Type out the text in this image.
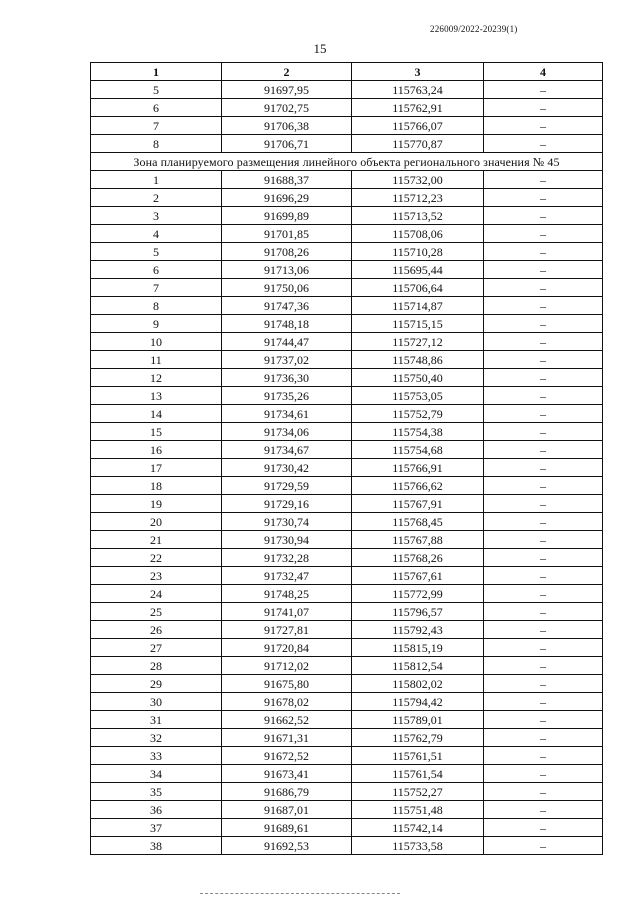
226009/2022-20239(1)
15
1	2	3	4
5	91697,95	115763,24	–
6	91702,75	115762,91	–
7	91706,38	115766,07	–
8	91706,71	115770,87	–
Зона планируемого размещения линейного объекта регионального значения № 45			
1	91688,37	115732,00	–
2	91696,29	115712,23	–
3	91699,89	115713,52	–
4	91701,85	115708,06	–
5	91708,26	115710,28	–
6	91713,06	115695,44	–
7	91750,06	115706,64	–
8	91747,36	115714,87	–
9	91748,18	115715,15	–
10	91744,47	115727,12	–
11	91737,02	115748,86	–
12	91736,30	115750,40	–
13	91735,26	115753,05	–
14	91734,61	115752,79	–
15	91734,06	115754,38	–
16	91734,67	115754,68	–
17	91730,42	115766,91	–
18	91729,59	115766,62	–
19	91729,16	115767,91	–
20	91730,74	115768,45	–
21	91730,94	115767,88	–
22	91732,28	115768,26	–
23	91732,47	115767,61	–
24	91748,25	115772,99	–
25	91741,07	115796,57	–
26	91727,81	115792,43	–
27	91720,84	115815,19	–
28	91712,02	115812,54	–
29	91675,80	115802,02	–
30	91678,02	115794,42	–
31	91662,52	115789,01	–
32	91671,31	115762,79	–
33	91672,52	115761,51	–
34	91673,41	115761,54	–
35	91686,79	115752,27	–
36	91687,01	115751,48	–
37	91689,61	115742,14	–
38	91692,53	115733,58	–
